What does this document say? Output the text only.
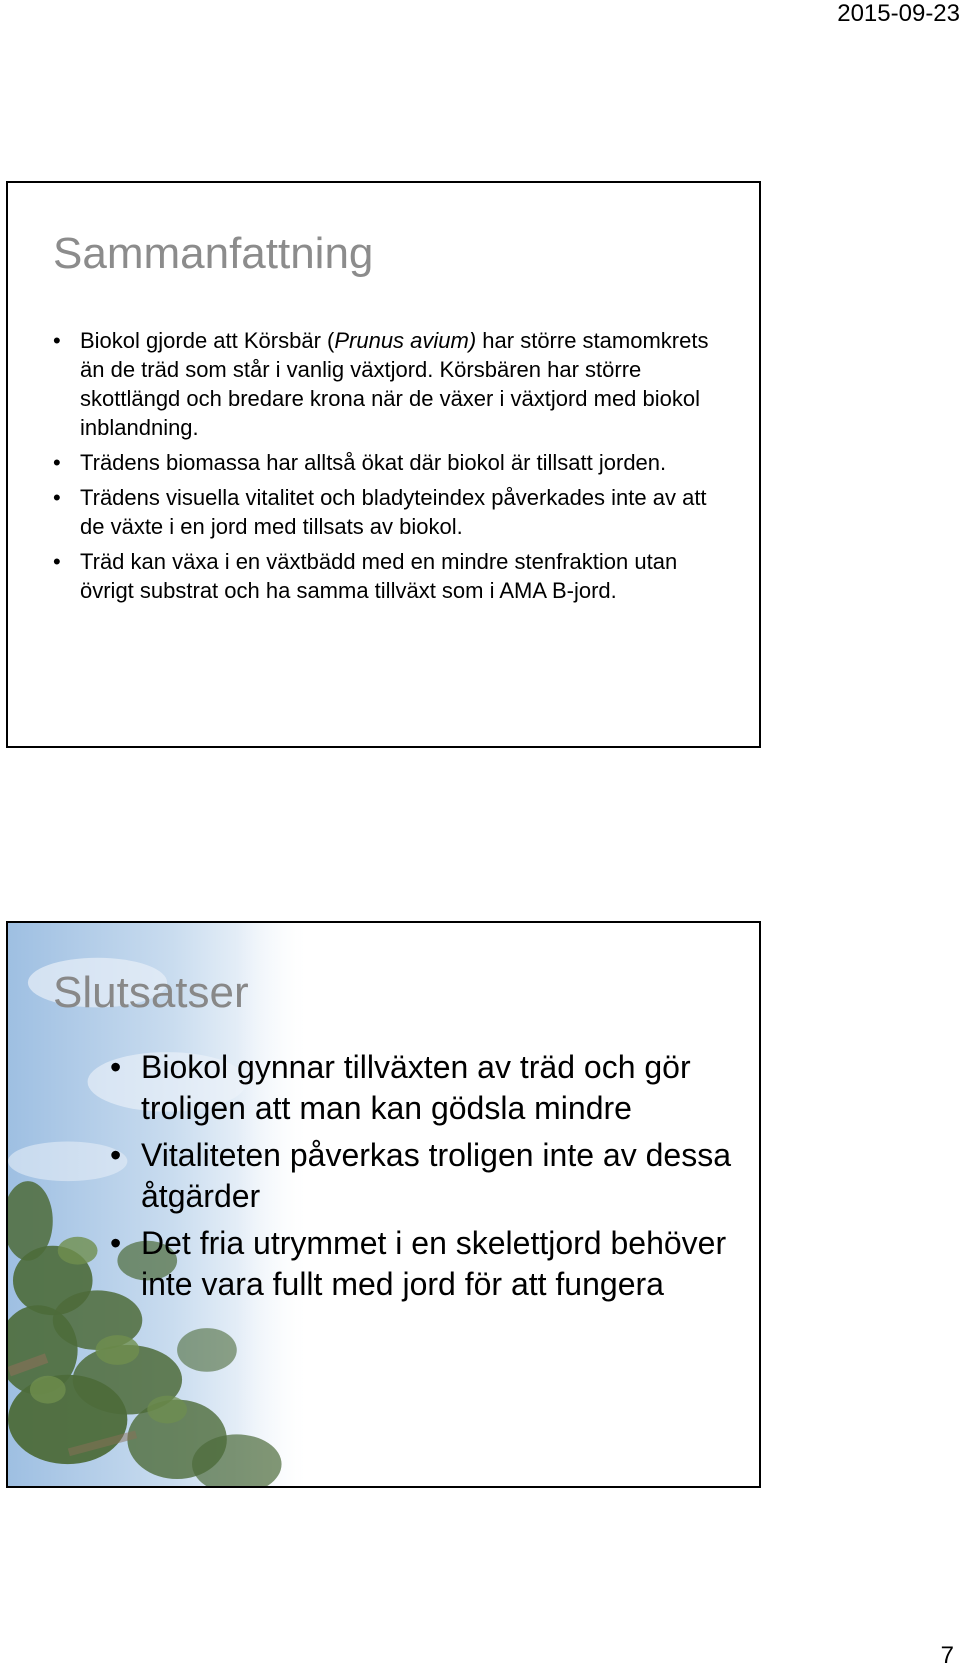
2015-09-23
Sammanfattning
• Biokol gjorde att Körsbär (Prunus avium) har större stamomkrets än de träd som står i vanlig växtjord. Körsbären har större skottlängd och bredare krona när de växer i växtjord med biokol inblandning.
• Trädens biomassa har alltså ökat där biokol är tillsatt jorden.
• Trädens visuella vitalitet och bladyteindex påverkades inte av att de växte i en jord med tillsats av biokol.
• Träd kan växa i en växtbädd med en mindre stenfraktion utan övrigt substrat och ha samma tillväxt som i AMA B-jord.
Slutsatser
• Biokol gynnar tillväxten av träd och gör troligen att man kan gödsla mindre
• Vitaliteten påverkas troligen inte av dessa åtgärder
• Det fria utrymmet i en skelettjord behöver inte vara fullt med jord för att fungera
7
